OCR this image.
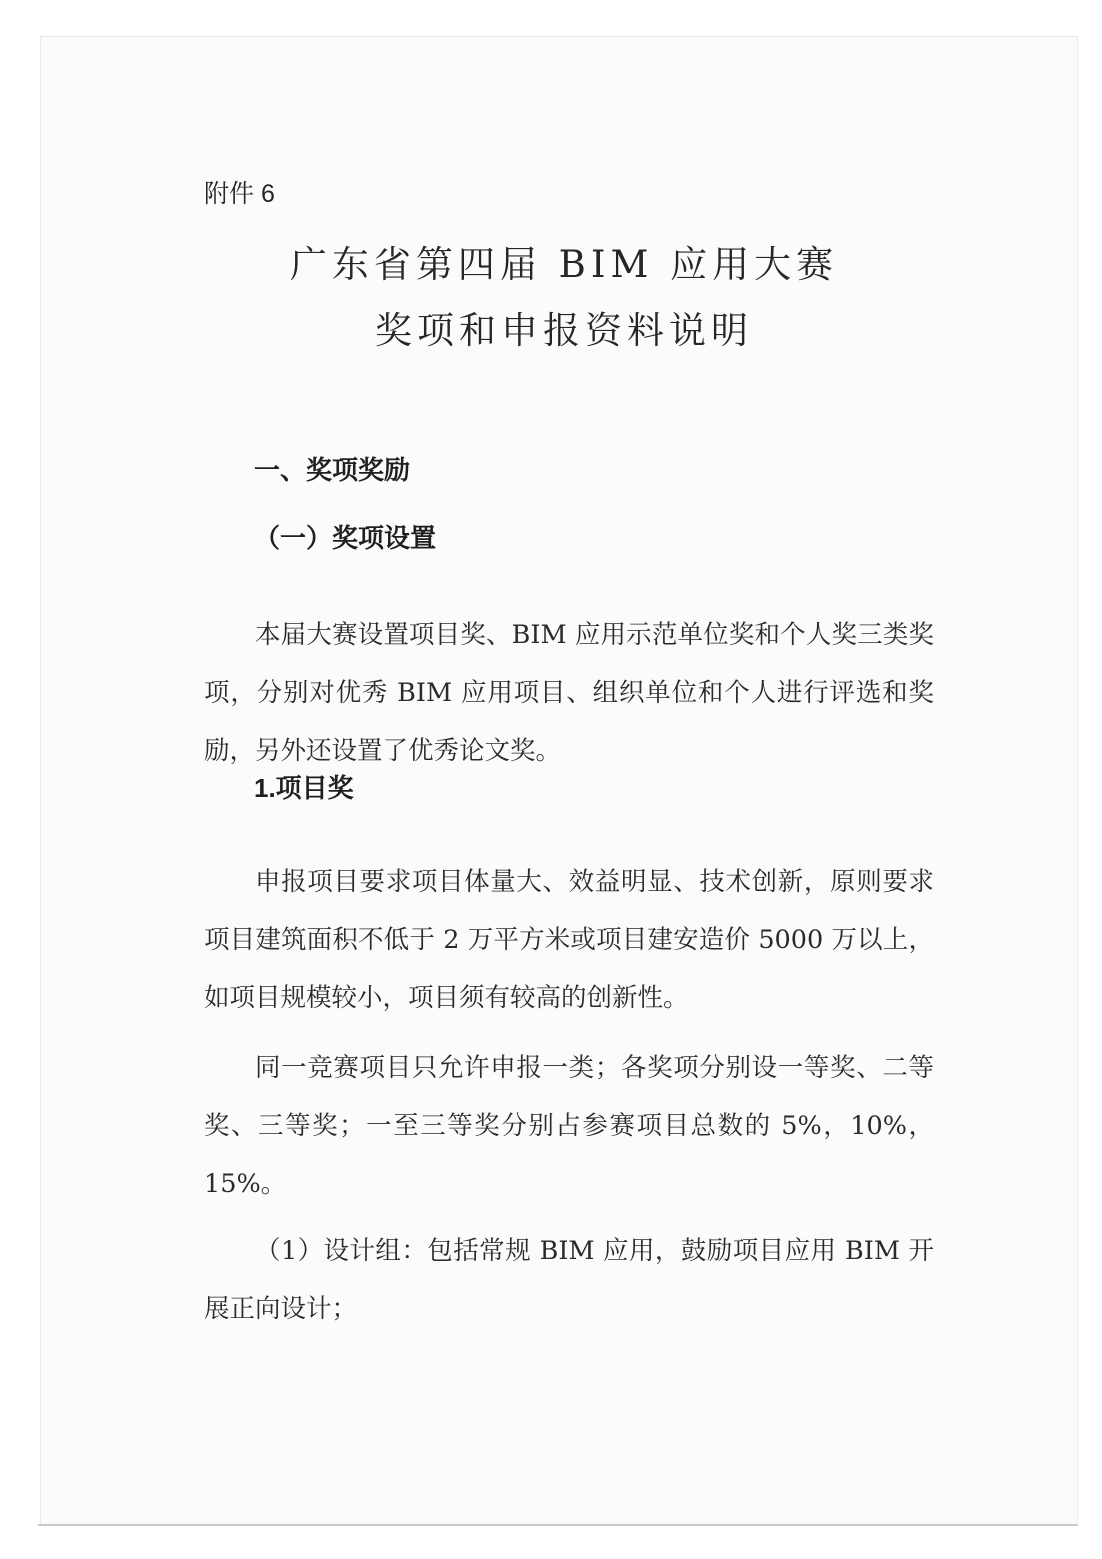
附件 6
广东省第四届 BIM 应用大赛
奖项和申报资料说明
一、奖项奖励
（一）奖项设置

本届大赛设置项目奖、BIM 应用示范单位奖和个人奖三类奖项，分别对优秀 BIM 应用项目、组织单位和个人进行评选和奖励，另外还设置了优秀论文奖。

1.项目奖

申报项目要求项目体量大、效益明显、技术创新，原则要求项目建筑面积不低于 2 万平方米或项目建安造价 5000 万以上，如项目规模较小，项目须有较高的创新性。

同一竞赛项目只允许申报一类；各奖项分别设一等奖、二等奖、三等奖；一至三等奖分别占参赛项目总数的 5%，10%，15%。

（1）设计组：包括常规 BIM 应用，鼓励项目应用 BIM 开展正向设计；
